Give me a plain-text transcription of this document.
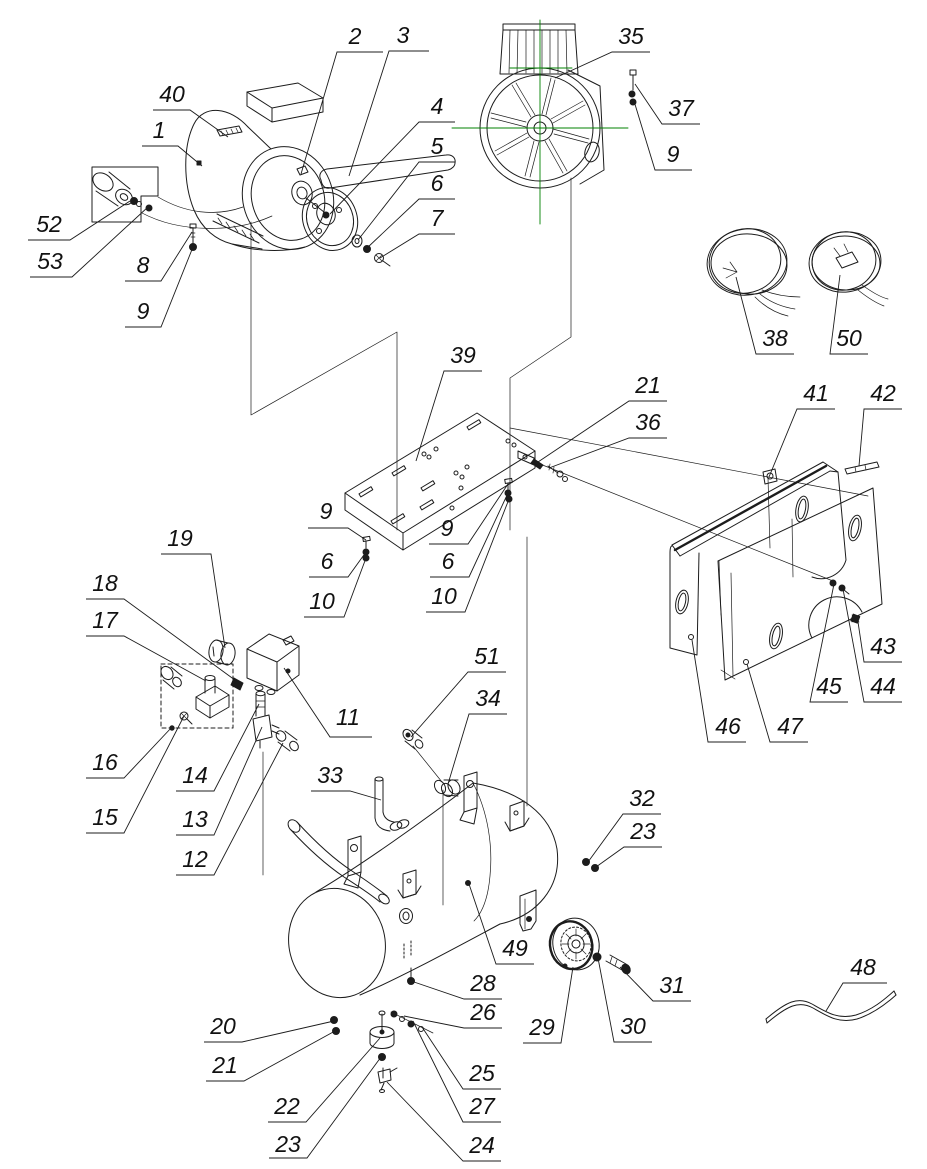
2 3
40
1
4
5
6
7
52
53	8
9
35
37
9
38 50
39
21
36
41 42
9
6
10
9
6
10
19
18
17
16
15
14
13
12
11
51
34
33
43
44
45
46 47
32
23
29	30
31
20
21
22
23
28
26
25
27
24
49
48
